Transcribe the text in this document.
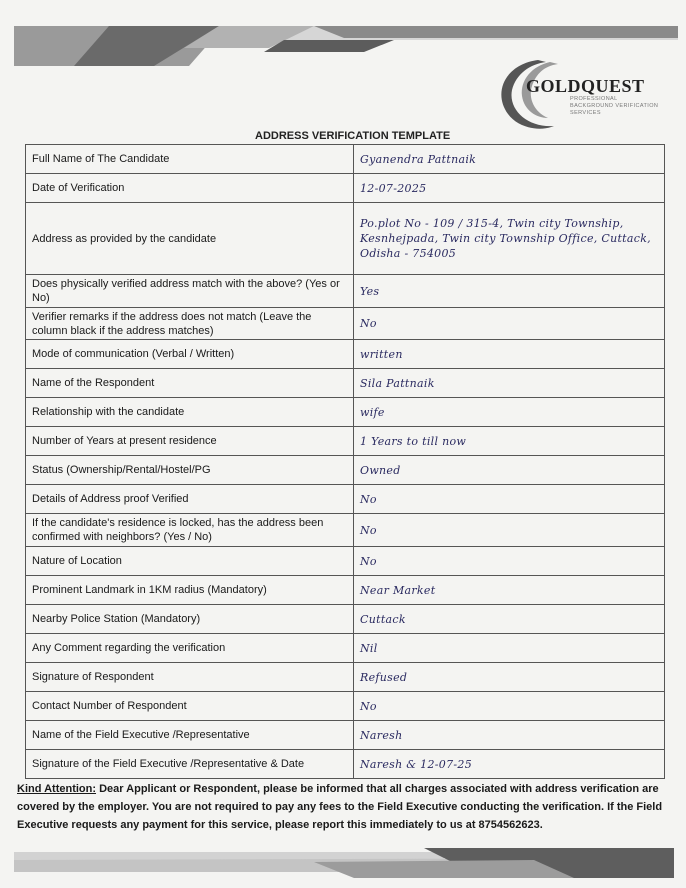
GOLDQUEST
PROFESSIONAL BACKGROUND VERIFICATION SERVICES
ADDRESS VERIFICATION TEMPLATE
Full Name of The Candidate	Gyanendra Pattnaik
Date of Verification	12-07-2025
Address as provided by the candidate	Po.plot No - 109 / 315-4, Twin city Township, Kesnhejpada, Twin city Township Office, Cuttack, Odisha - 754005
Does physically verified address match with the above? (Yes or No)	Yes
Verifier remarks if the address does not match (Leave the column black if the address matches)	No
Mode of communication (Verbal / Written)	written
Name of the Respondent	Sila Pattnaik
Relationship with the candidate	wife
Number of Years at present residence	1 Years to till now
Status (Ownership/Rental/Hostel/PG	Owned
Details of Address proof Verified	No
If the candidate's residence is locked, has the address been confirmed with neighbors? (Yes / No)	No
Nature of Location	No
Prominent Landmark in 1KM radius (Mandatory)	Near Market
Nearby Police Station (Mandatory)	Cuttack
Any Comment regarding the verification	Nil
Signature of Respondent	Refused
Contact Number of Respondent	No
Name of the Field Executive /Representative	Naresh
Signature of the Field Executive /Representative & Date	Naresh & 12-07-25
Kind Attention: Dear Applicant or Respondent, please be informed that all charges associated with address verification are covered by the employer. You are not required to pay any fees to the Field Executive conducting the verification. If the Field Executive requests any payment for this service, please report this immediately to us at 8754562623.
